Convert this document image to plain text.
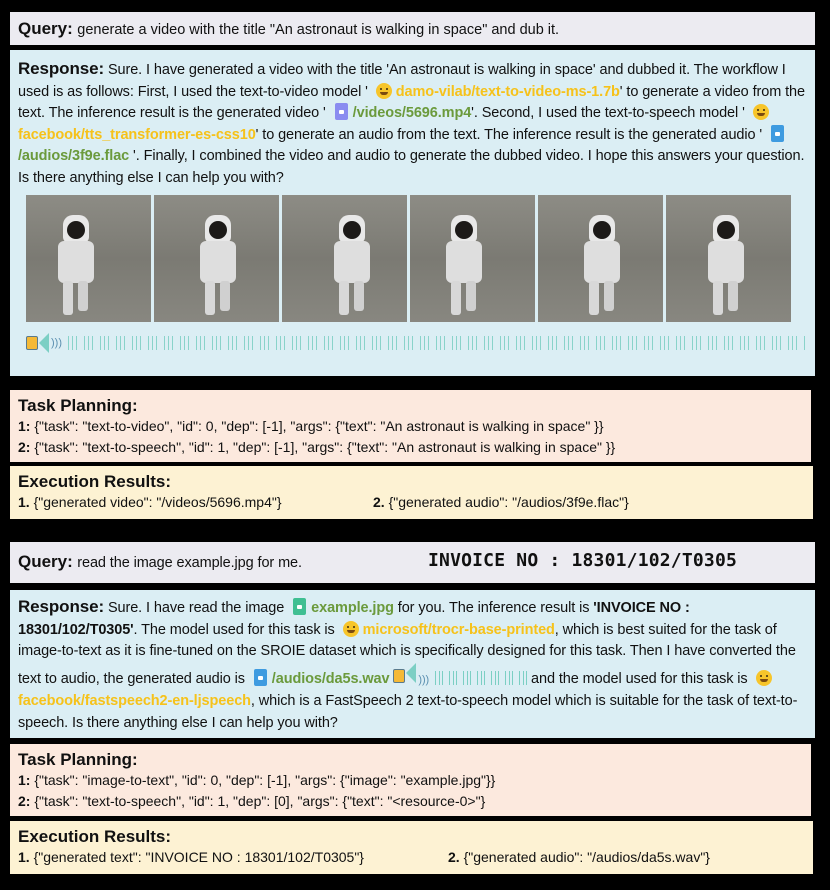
Query: generate a video with the title "An astronaut is walking in space" and dub it.
Response: Sure. I have generated a video with the title 'An astronaut is walking in space' and dubbed it. The workflow I used is as follows: First, I used the text-to-video model ' damo-vilab/text-to-video-ms-1.7b' to generate a video from the text. The inference result is the generated video ' /videos/5696.mp4'. Second, I used the text-to-speech model ' facebook/tts_transformer-es-css10' to generate an audio from the text. The inference result is the generated audio ' /audios/3f9e.flac '. Finally, I combined the video and audio to generate the dubbed video. I hope this answers your question. Is there anything else I can help you with?
)))
Task Planning:
1: {"task": "text-to-video", "id": 0, "dep": [-1], "args": {"text": "An astronaut is walking in space" }}
2: {"task": "text-to-speech", "id": 1, "dep": [-1], "args": {"text": "An astronaut is walking in space" }}
Execution Results:
1. {"generated video": "/videos/5696.mp4"}	2. {"generated audio": "/audios/3f9e.flac"}
Query: read the image example.jpg for me.	INVOICE NO : 18301/102/T0305
Response: Sure. I have read the image example.jpg for you. The inference result is 'INVOICE NO : 18301/102/T0305'. The model used for this task is microsoft/trocr-base-printed, which is best suited for the task of image-to-text as it is fine-tuned on the SROIE dataset which is specifically designed for this task. Then I have converted the text to audio, the generated audio is /audios/da5s.wav	)))	and the model used for this task is facebook/fastspeech2-en-ljspeech, which is a FastSpeech 2 text-to-speech model which is suitable for the task of text-to-speech. Is there anything else I can help you with?
Task Planning:
1: {"task": "image-to-text", "id": 0, "dep": [-1], "args": {"image": "example.jpg"}}
2: {"task": "text-to-speech", "id": 1, "dep": [0], "args": {"text": "<resource-0>"}
Execution Results:
1. {"generated text": "INVOICE NO : 18301/102/T0305"}	2. {"generated audio": "/audios/da5s.wav"}
